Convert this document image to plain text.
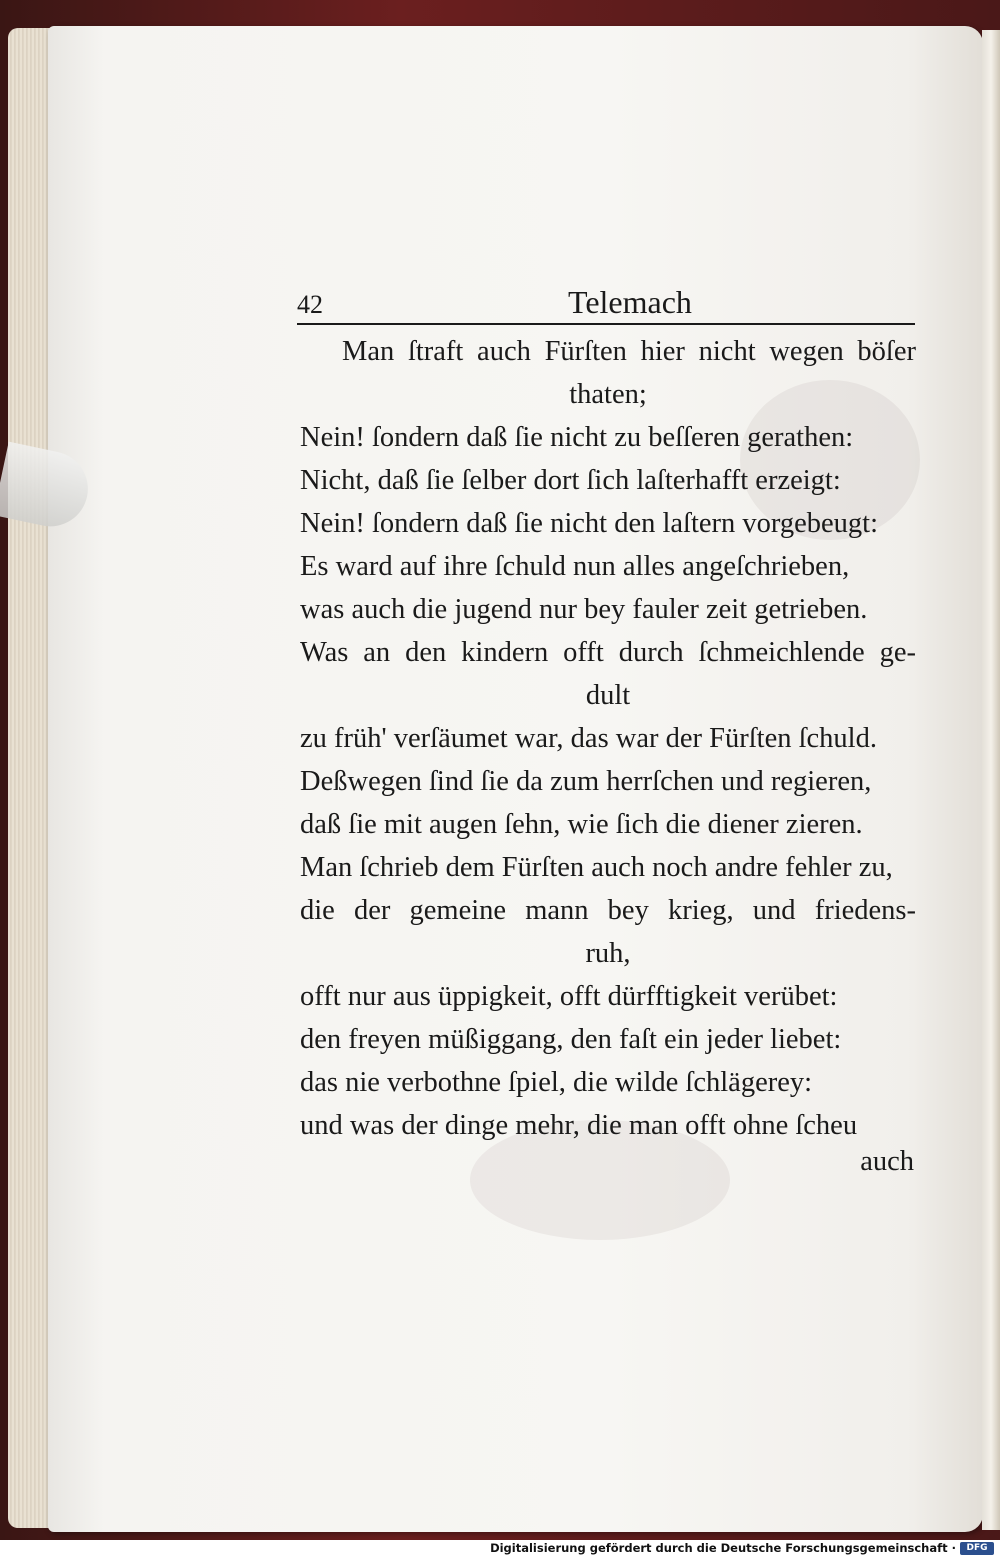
42	Telemach
Man ſtraft auch Fürſten hier nicht wegen böſer
thaten;
Nein! ſondern daß ſie nicht zu beſſeren gerathen:
Nicht, daß ſie ſelber dort ſich laſterhafft erzeigt:
Nein! ſondern daß ſie nicht den laſtern vorgebeugt:
Es ward auf ihre ſchuld nun alles angeſchrieben,
was auch die jugend nur bey fauler zeit getrieben.
Was an den kindern offt durch ſchmeichlende ge-
dult
zu früh' verſäumet war, das war der Fürſten ſchuld.
Deßwegen ſind ſie da zum herrſchen und regieren,
daß ſie mit augen ſehn, wie ſich die diener zieren.
Man ſchrieb dem Fürſten auch noch andre fehler zu,
die der gemeine mann bey krieg, und friedens-
ruh,
offt nur aus üppigkeit, offt dürfftigkeit verübet:
den freyen müßiggang, den faſt ein jeder liebet:
das nie verbothne ſpiel, die wilde ſchlägerey:
und was der dinge mehr, die man offt ohne ſcheu
auch
Digitalisierung gefördert durch die Deutsche Forschungsgemeinschaft ·	DFG
